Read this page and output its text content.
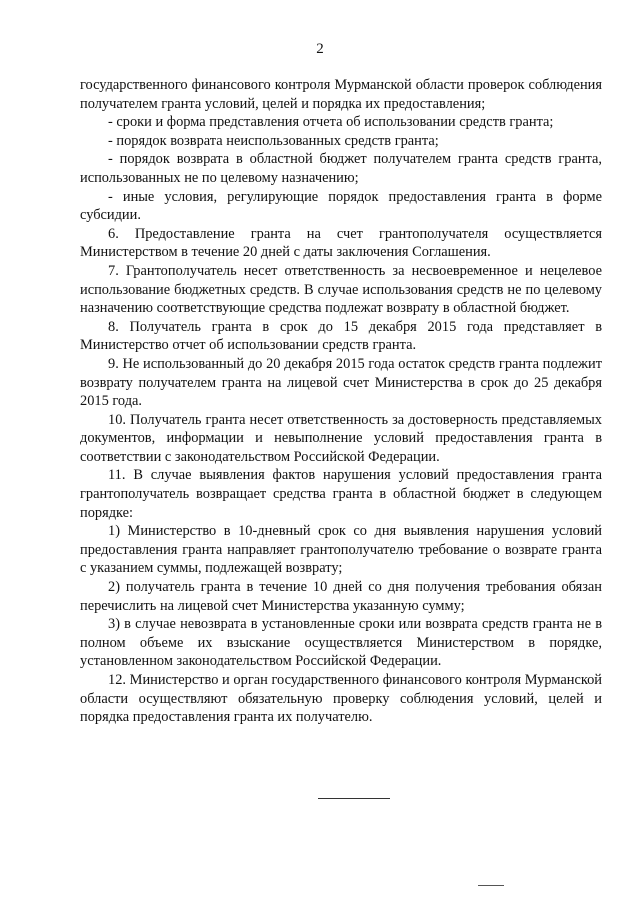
2

государственного финансового контроля Мурманской области проверок соблюдения получателем гранта условий, целей и порядка их предоставления;

- сроки и форма представления отчета об использовании средств гранта;

- порядок возврата неиспользованных средств гранта;

- порядок возврата в областной бюджет получателем гранта средств гранта, использованных не по целевому назначению;

- иные условия, регулирующие порядок предоставления гранта в форме субсидии.

6. Предоставление гранта на счет грантополучателя осуществляется Министерством в течение 20 дней с даты заключения Соглашения.

7. Грантополучатель несет ответственность за несвоевременное и нецелевое использование бюджетных средств. В случае использования средств не по целевому назначению соответствующие средства подлежат возврату в областной бюджет.

8. Получатель гранта в срок до 15 декабря 2015 года представляет в Министерство отчет об использовании средств гранта.

9. Не использованный до 20 декабря 2015 года остаток средств гранта подлежит возврату получателем гранта на лицевой счет Министерства в срок до 25 декабря 2015 года.

10. Получатель гранта несет ответственность за достоверность представляемых документов, информации и невыполнение условий предоставления гранта в соответствии с законодательством Российской Федерации.

11. В случае выявления фактов нарушения условий предоставления гранта грантополучатель возвращает средства гранта в областной бюджет в следующем порядке:

1) Министерство в 10-дневный срок со дня выявления нарушения условий предоставления гранта направляет грантополучателю требование о возврате гранта с указанием суммы, подлежащей возврату;

2) получатель гранта в течение 10 дней со дня получения требования обязан перечислить на лицевой счет Министерства указанную сумму;

3) в случае невозврата в установленные сроки или возврата средств гранта не в полном объеме их взыскание осуществляется Министерством в порядке, установленном законодательством Российской Федерации.

12. Министерство и орган государственного финансового контроля Мурманской области осуществляют обязательную проверку соблюдения условий, целей и порядка предоставления гранта их получателю.
